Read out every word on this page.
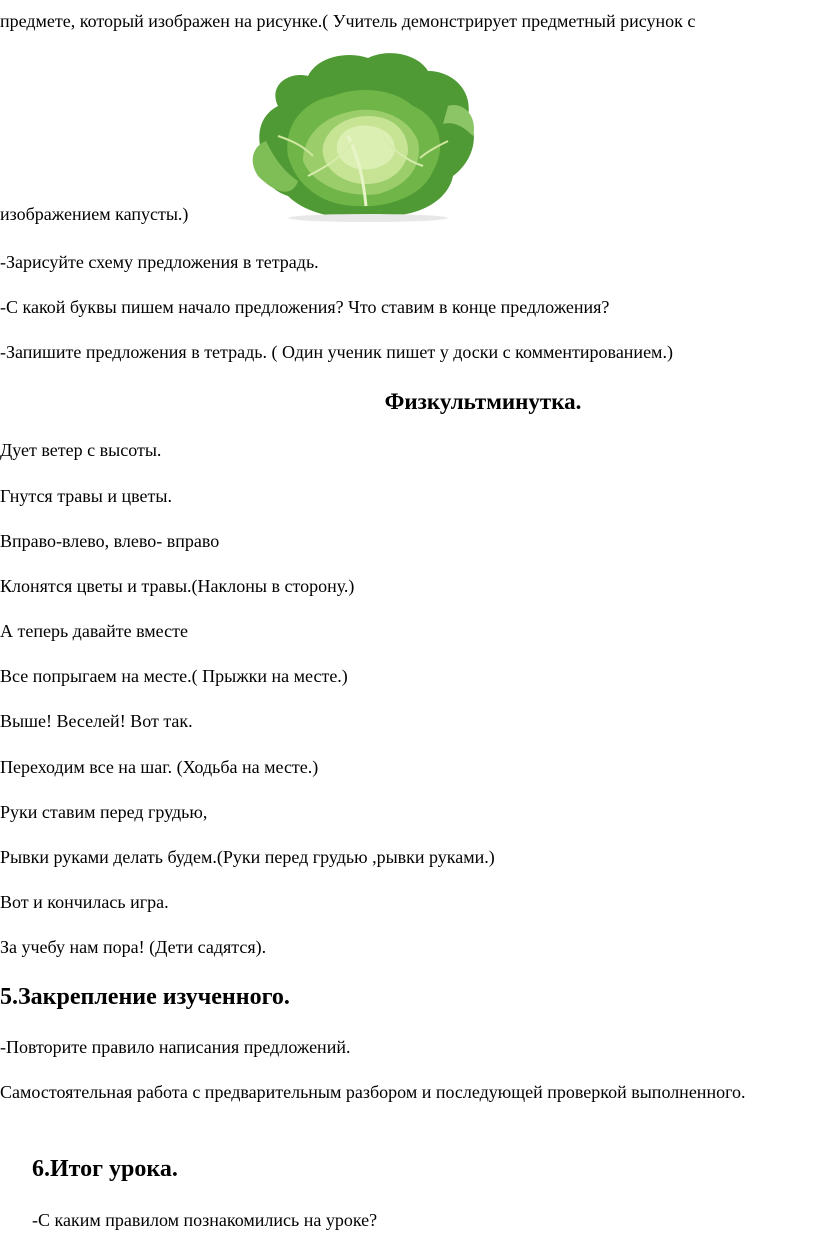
предмете, который изображен на рисунке.( Учитель демонстрирует предметный рисунок с
изображением капусты.)
-Зарисуйте схему предложения в тетрадь.
-С какой буквы пишем начало предложения? Что ставим в конце предложения?
-Запишите предложения в тетрадь. ( Один ученик пишет у доски с комментированием.)
Физкультминутка.
Дует ветер с высоты.
Гнутся травы и цветы.
Вправо-влево, влево- вправо
Клонятся цветы и травы.(Наклоны в сторону.)
А теперь давайте вместе
Все попрыгаем на месте.( Прыжки на месте.)
Выше! Веселей! Вот так.
Переходим все на шаг. (Ходьба на месте.)
Руки ставим перед грудью,
Рывки руками делать будем.(Руки перед грудью ,рывки руками.)
Вот и кончилась игра.
За учебу нам пора! (Дети садятся).
5.Закрепление изученного.
-Повторите правило написания предложений.
Самостоятельная работа с предварительным разбором и последующей проверкой выполненного.
6.Итог урока.
-С каким правилом познакомились на уроке?
